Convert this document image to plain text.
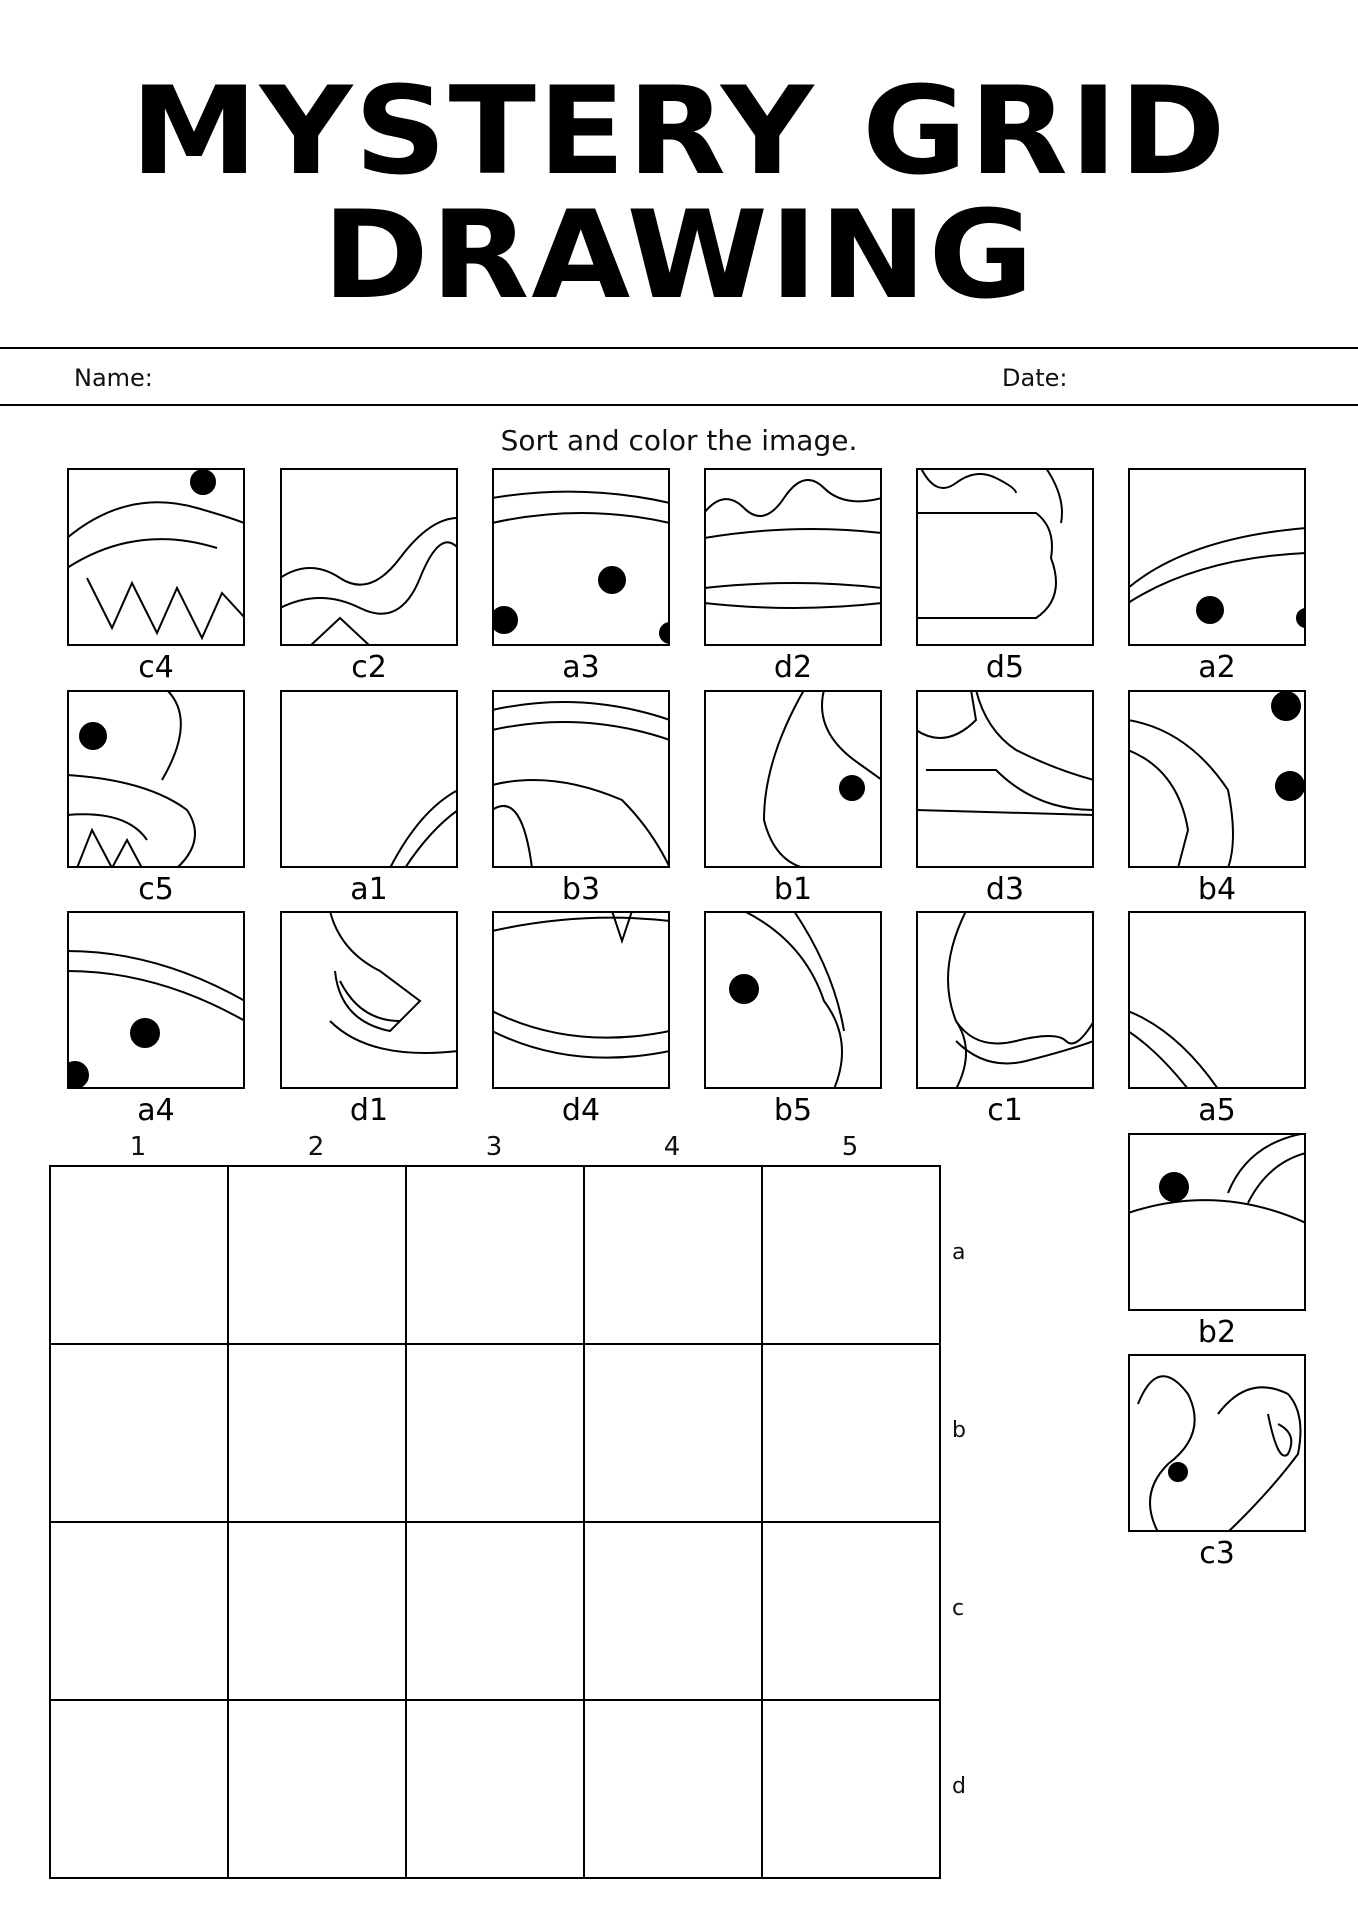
MYSTERY GRID
DRAWING
Name:	Date:
Sort and color the image.
c4	c2	a3	d2	d5	a2
c5	a1	b3	b1	d3	b4
a4	d1	d4	b5	c1	a5
b2
c3
1	2	3	4	5
a
b
c
d
